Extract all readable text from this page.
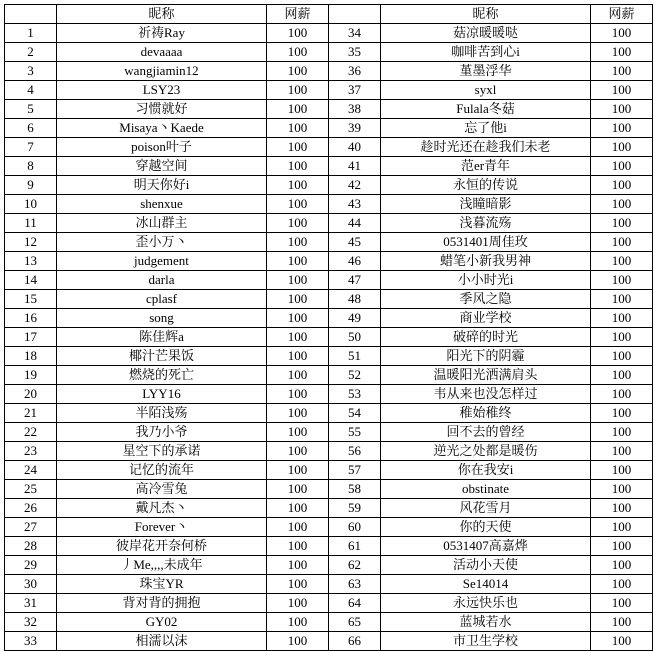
	昵称	网薪		昵称	网薪
1	祈祷Ray	100	34	菇凉暖暖哒	100
2	devaaaa	100	35	咖啡苦到心i	100
3	wangjiamin12	100	36	堇墨浮华	100
4	LSY23	100	37	syxl	100
5	习惯就好	100	38	Fulala冬菇	100
6	Misaya丶Kaede	100	39	忘了他i	100
7	poison叶子	100	40	趁时光还在趁我们未老	100
8	穿越空间	100	41	范er青年	100
9	明天你好i	100	42	永恒的传说	100
10	shenxue	100	43	浅瞳暗影	100
11	冰山群主	100	44	浅暮流殇	100
12	歪小万丶	100	45	0531401周佳玫	100
13	judgement	100	46	蜡笔小新我男神	100
14	darla	100	47	小小时光i	100
15	cplasf	100	48	季风之隐	100
16	song	100	49	商业学校	100
17	陈佳辉a	100	50	破碎的时光	100
18	椰汁芒果饭	100	51	阳光下的阴霾	100
19	燃烧的死亡	100	52	温暖阳光洒满肩头	100
20	LYY16	100	53	韦从来也没怎样过	100
21	半陌浅殇	100	54	稚始稚终	100
22	我乃小爷	100	55	回不去的曾经	100
23	星空下的承诺	100	56	逆光之处都是暖伤	100
24	记忆的流年	100	57	你在我安i	100
25	高冷雪兔	100	58	obstinate	100
26	戴凡杰丶	100	59	风花雪月	100
27	Forever丶	100	60	你的天使	100
28	彼岸花开奈何桥	100	61	0531407高嘉烨	100
29	丿Me,,,,未成年	100	62	活动小天使	100
30	珠宝YR	100	63	Se14014	100
31	背对背的拥抱	100	64	永远快乐也	100
32	GY02	100	65	蓝城若水	100
33	相濡以沫	100	66	市卫生学校	100
